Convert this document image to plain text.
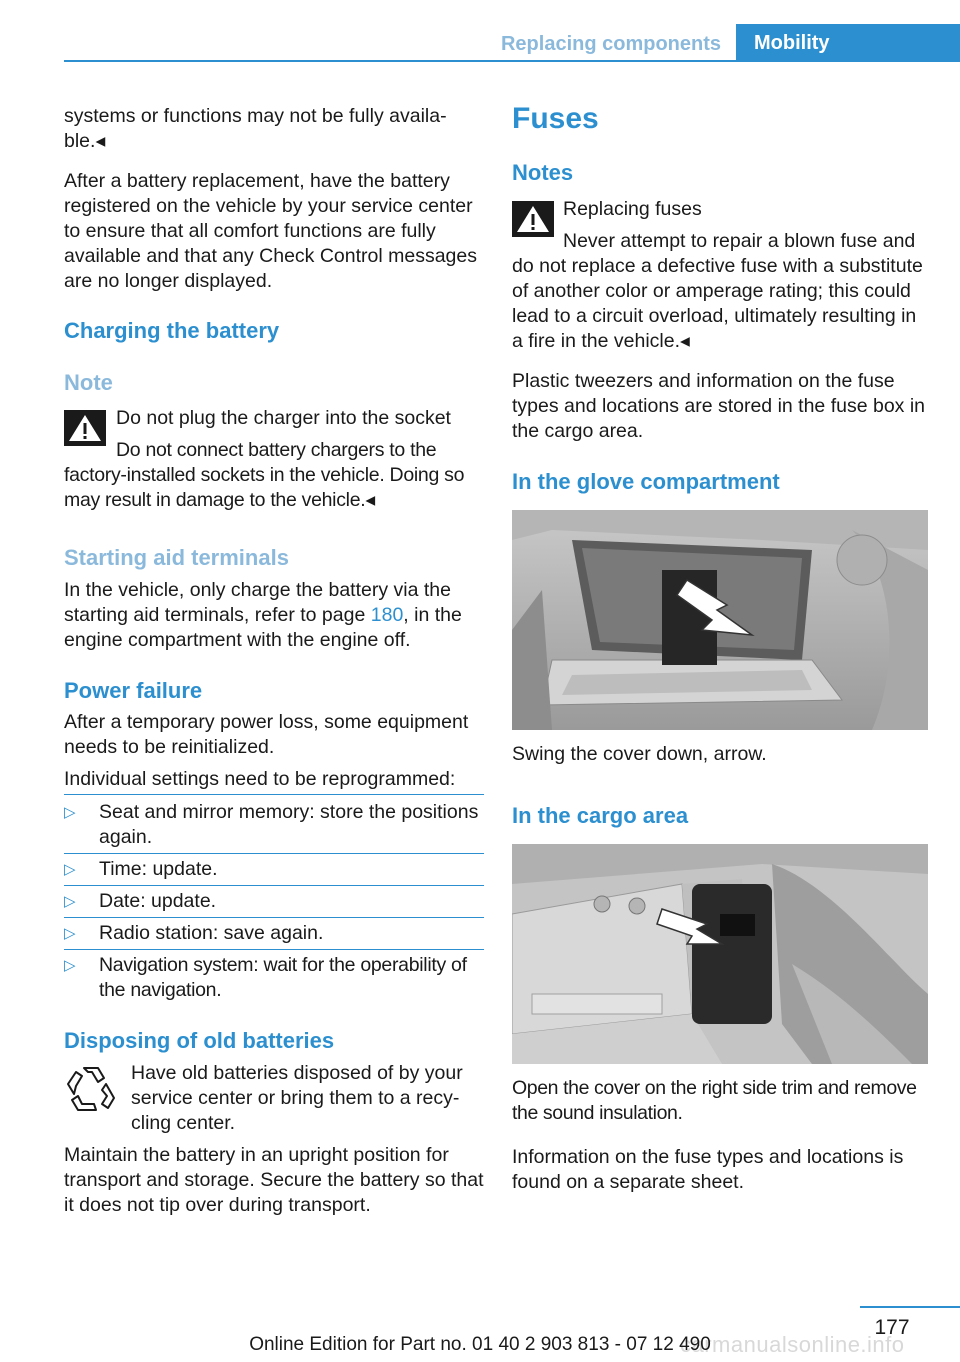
Replacing components	Mobility

systems or functions may not be fully availa-ble.◂

After a battery replacement, have the battery registered on the vehicle by your service center to ensure that all comfort functions are fully available and that any Check Control messages are no longer displayed.

Charging the battery
Note

Do not plug the charger into the socket

Do not connect battery chargers to the factory-installed sockets in the vehicle. Doing so may result in damage to the vehicle.◂

Starting aid terminals

In the vehicle, only charge the battery via the starting aid terminals, refer to page 180, in the engine compartment with the engine off.

Power failure

After a temporary power loss, some equipment needs to be reinitialized.

Individual settings need to be reprogrammed:

▷ Seat and mirror memory: store the positions again.
▷ Time: update.
▷ Date: update.
▷ Radio station: save again.
▷ Navigation system: wait for the operability of the navigation.
Disposing of old batteries

Have old batteries disposed of by your service center or bring them to a recy-cling center.

Maintain the battery in an upright position for transport and storage. Secure the battery so that it does not tip over during transport.

Fuses
Notes

Replacing fuses

Never attempt to repair a blown fuse and do not replace a defective fuse with a substitute of another color or amperage rating; this could lead to a circuit overload, ultimately resulting in a fire in the vehicle.◂

Plastic tweezers and information on the fuse types and locations are stored in the fuse box in the cargo area.

In the glove compartment

Swing the cover down, arrow.

In the cargo area

Open the cover on the right side trim and remove the sound insulation.

Information on the fuse types and locations is found on a separate sheet.

177
carmanualsonline.info
Online Edition for Part no. 01 40 2 903 813 - 07 12 490
